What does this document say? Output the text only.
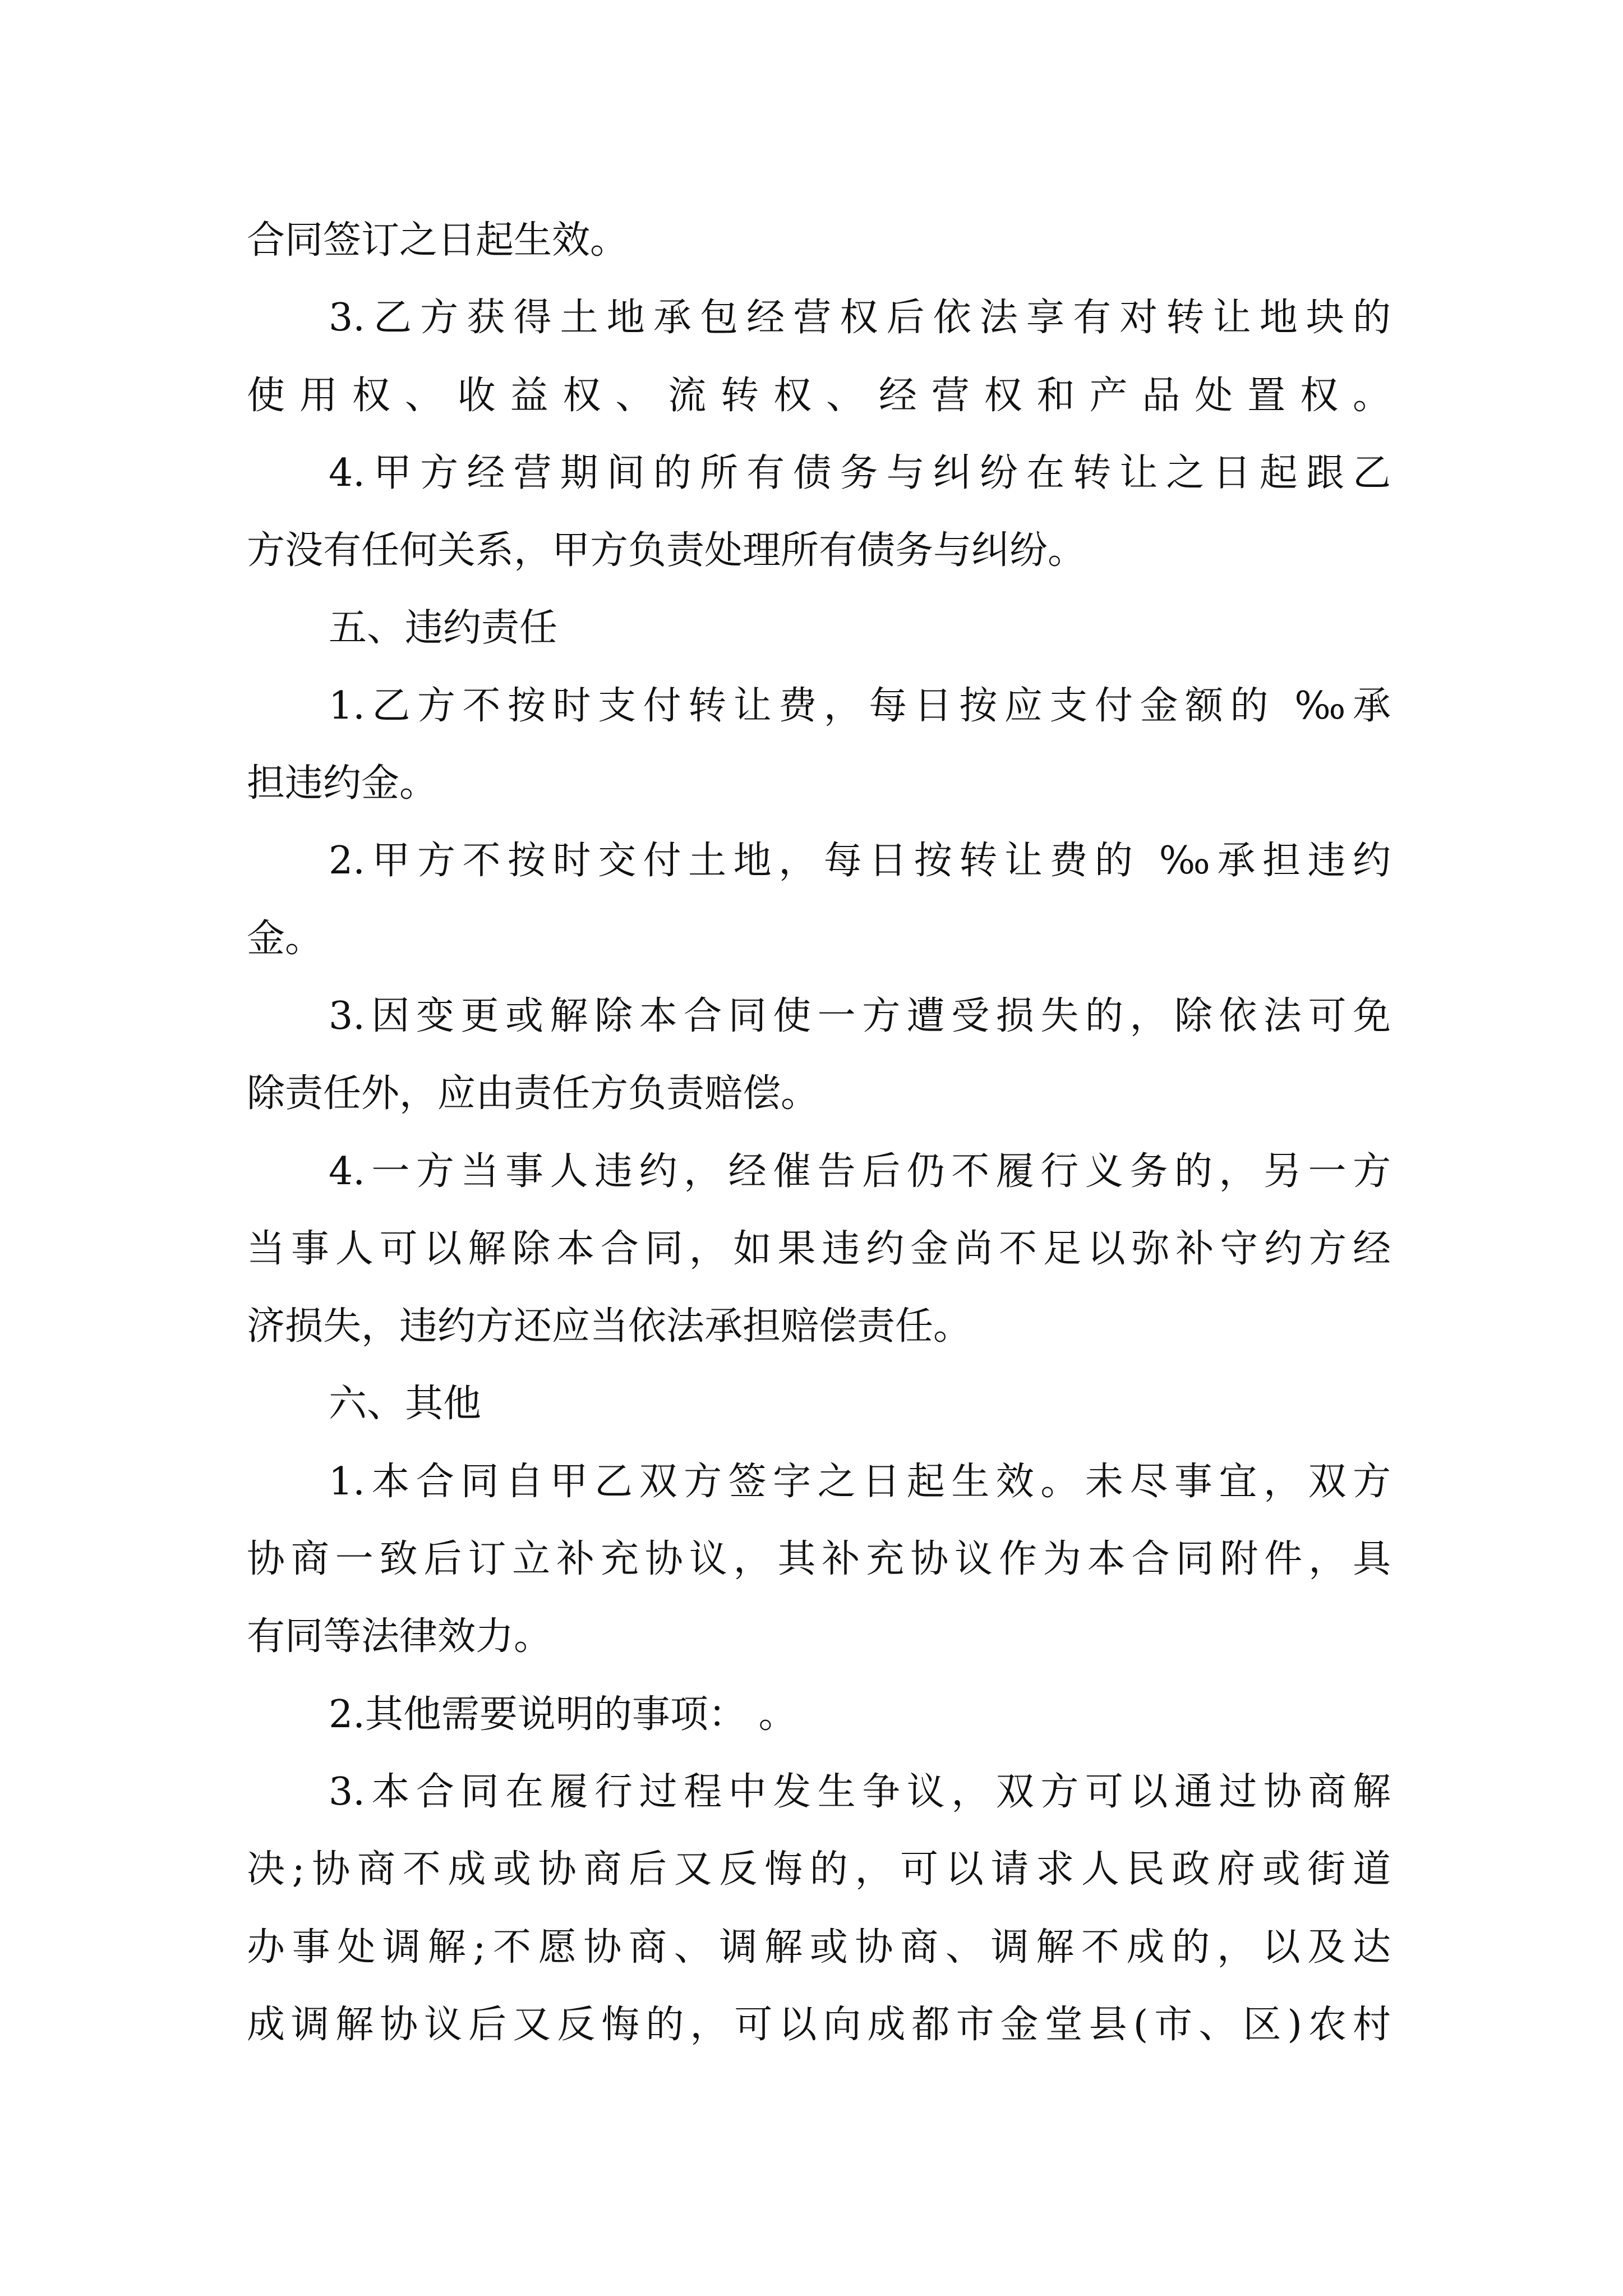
合同签订之日起生效。
3.乙方获得土地承包经营权后依法享有对转让地块的
使用权、收益权、流转权、经营权和产品处置权。
4.甲方经营期间的所有债务与纠纷在转让之日起跟乙
方没有任何关系，甲方负责处理所有债务与纠纷。
五、违约责任
1.乙方不按时支付转让费，每日按应支付金额的 ‰承
担违约金。
2.甲方不按时交付土地，每日按转让费的 ‰承担违约
金。
3.因变更或解除本合同使一方遭受损失的，除依法可免
除责任外，应由责任方负责赔偿。
4.一方当事人违约，经催告后仍不履行义务的，另一方
当事人可以解除本合同，如果违约金尚不足以弥补守约方经
济损失，违约方还应当依法承担赔偿责任。
六、其他
1.本合同自甲乙双方签字之日起生效。未尽事宜，双方
协商一致后订立补充协议，其补充协议作为本合同附件，具
有同等法律效力。
2.其他需要说明的事项： 。
3.本合同在履行过程中发生争议，双方可以通过协商解
决;协商不成或协商后又反悔的，可以请求人民政府或街道
办事处调解;不愿协商、调解或协商、调解不成的，以及达
成调解协议后又反悔的，可以向成都市金堂县(市、区)农村
